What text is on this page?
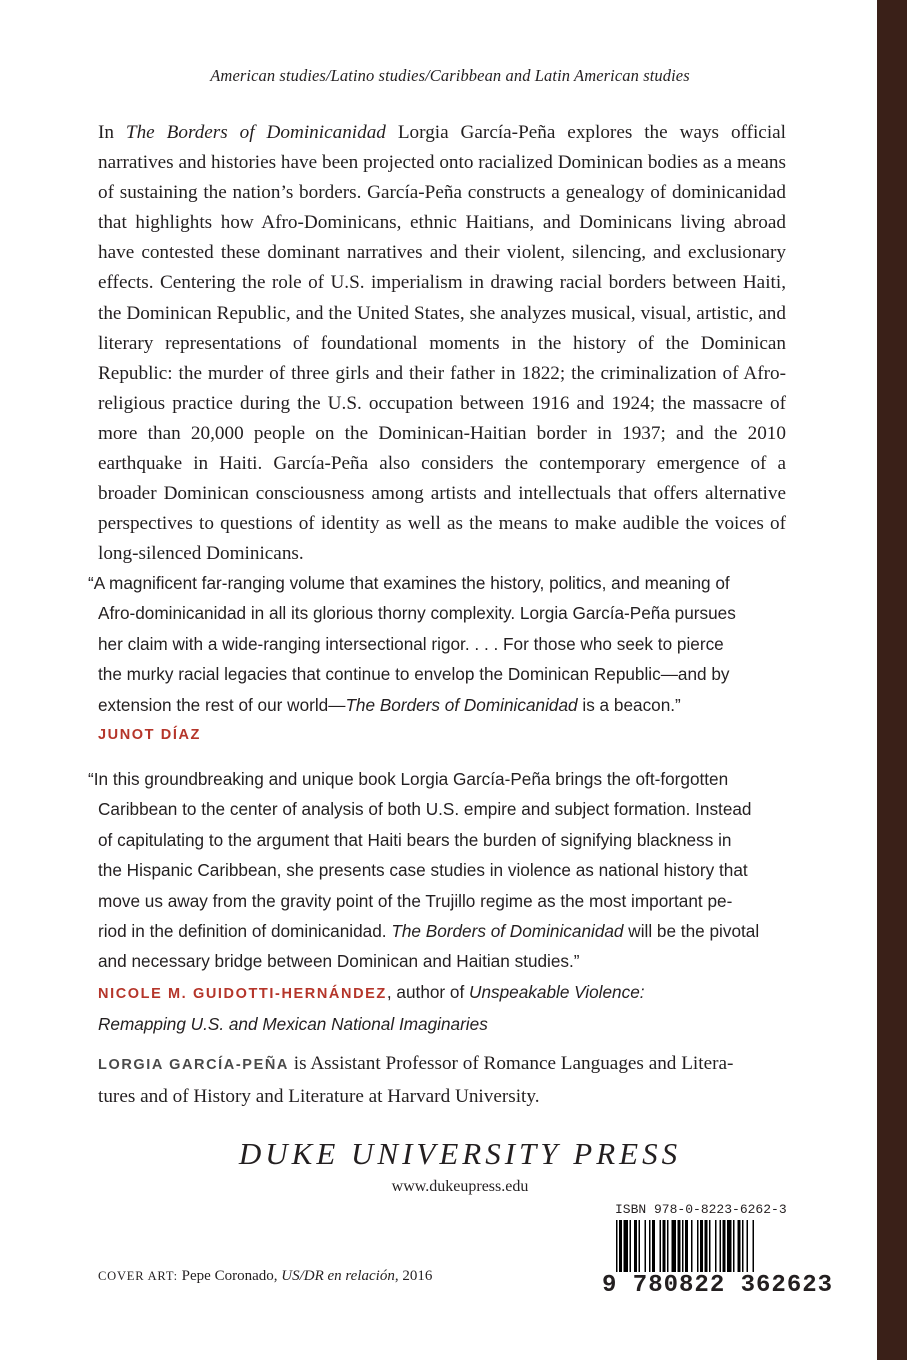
American studies/Latino studies/Caribbean and Latin American studies
In The Borders of Dominicanidad Lorgia García-Peña explores the ways official narratives and histories have been projected onto racialized Dominican bodies as a means of sustaining the nation’s borders. García-Peña constructs a genealogy of dominicanidad that highlights how Afro-Dominicans, ethnic Haitians, and Dominicans living abroad have contested these dominant narratives and their violent, silencing, and exclusionary effects. Centering the role of U.S. imperialism in drawing racial borders between Haiti, the Dominican Republic, and the United States, she analyzes musical, visual, artistic, and literary representations of foundational moments in the history of the Dominican Republic: the murder of three girls and their father in 1822; the criminalization of Afro-religious practice during the U.S. occupation between 1916 and 1924; the massacre of more than 20,000 people on the Dominican-Haitian border in 1937; and the 2010 earthquake in Haiti. García-Peña also considers the contemporary emergence of a broader Dominican consciousness among artists and intellectuals that offers alternative perspectives to questions of identity as well as the means to make audible the voices of long-silenced Dominicans.
“A magnificent far-ranging volume that examines the history, politics, and meaning of
Afro-dominicanidad in all its glorious thorny complexity. Lorgia García-Peña pursues
her claim with a wide-ranging intersectional rigor. . . . For those who seek to pierce
the murky racial legacies that continue to envelop the Dominican Republic—and by
extension the rest of our world—The Borders of Dominicanidad is a beacon.”
JUNOT DÍAZ
“In this groundbreaking and unique book Lorgia García-Peña brings the oft-forgotten
Caribbean to the center of analysis of both U.S. empire and subject formation. Instead
of capitulating to the argument that Haiti bears the burden of signifying blackness in
the Hispanic Caribbean, she presents case studies in violence as national history that
move us away from the gravity point of the Trujillo regime as the most important pe-
riod in the definition of dominicanidad. The Borders of Dominicanidad will be the pivotal
and necessary bridge between Dominican and Haitian studies.”
NICOLE M. GUIDOTTI-HERNÁNDEZ, author of Unspeakable Violence:
Remapping U.S. and Mexican National Imaginaries
LORGIA GARCÍA-PEÑA is Assistant Professor of Romance Languages and Litera-
tures and of History and Literature at Harvard University.
DUKE UNIVERSITY PRESS
www.dukeupress.edu
COVER ART: Pepe Coronado, US/DR en relación, 2016
ISBN 978-0-8223-6262-3
9 780822 362623
